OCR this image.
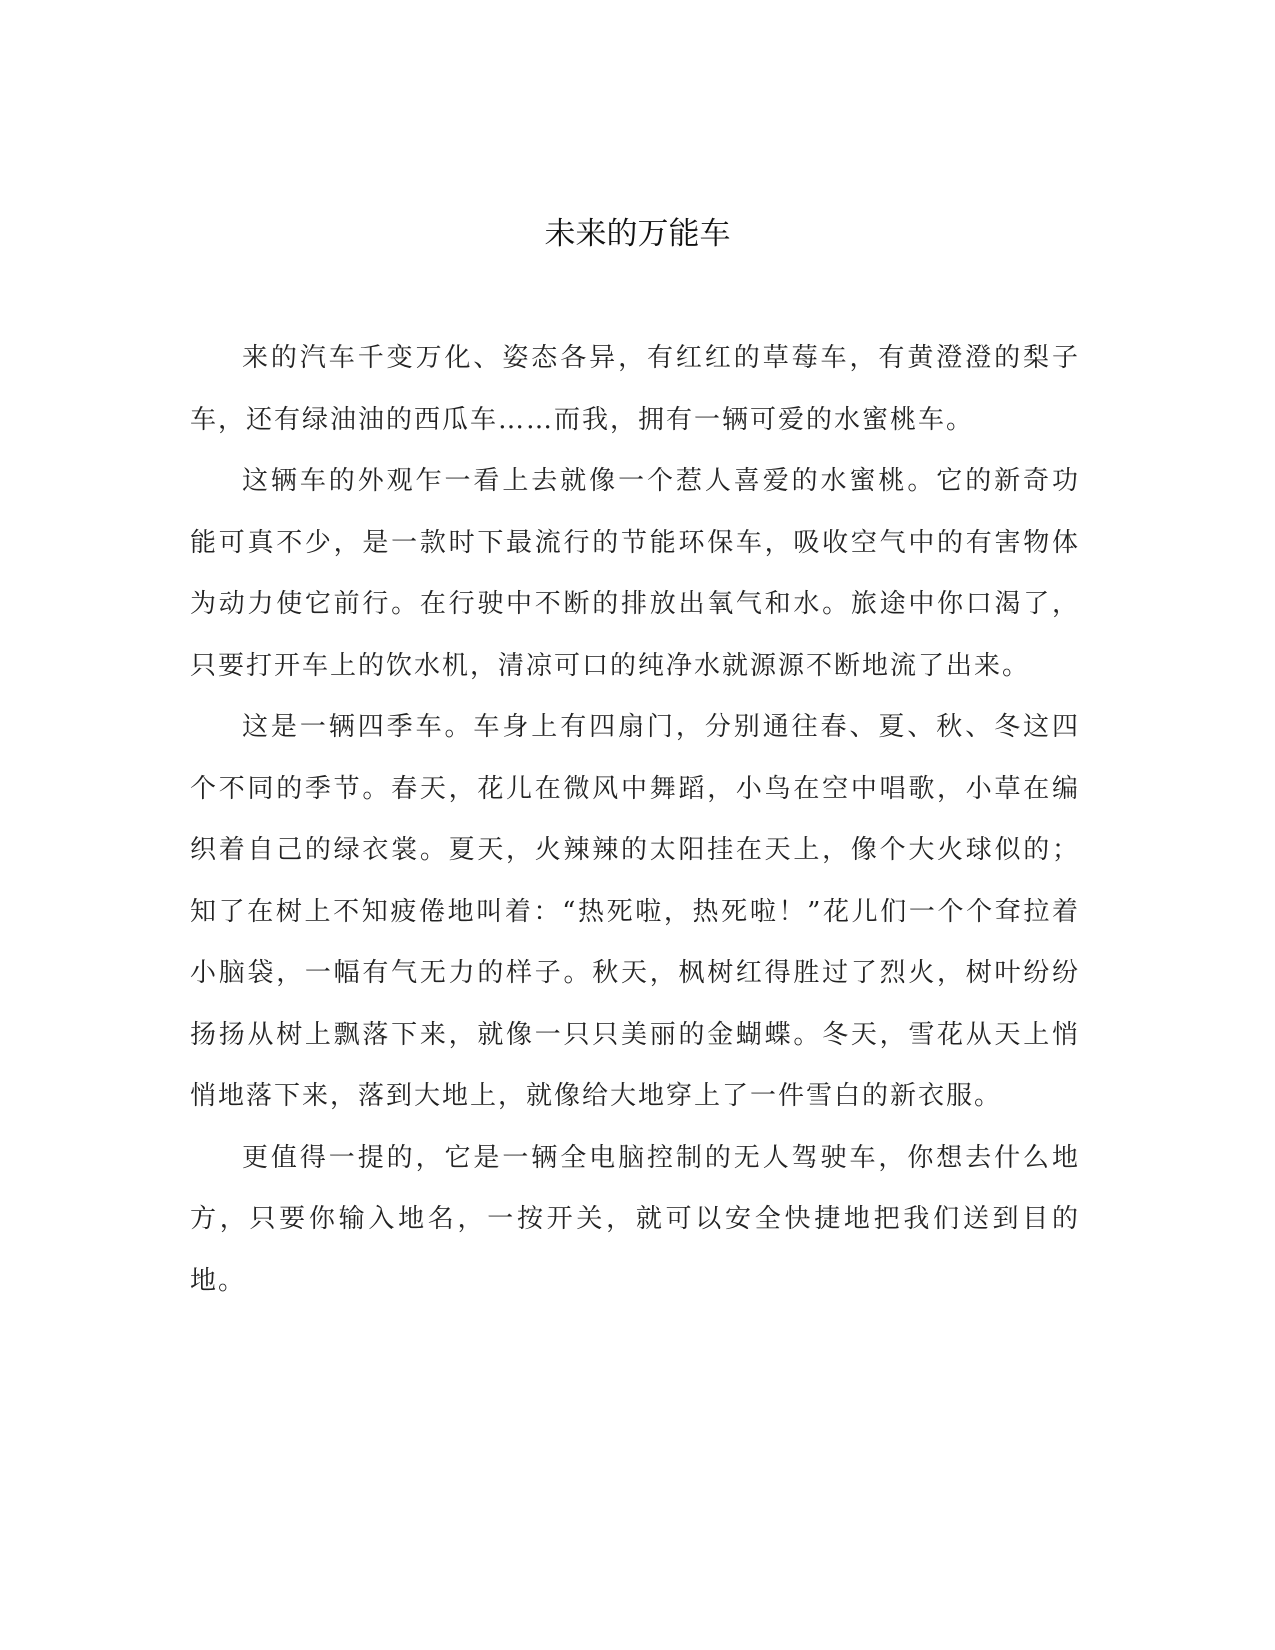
未来的万能车

来的汽车千变万化、姿态各异，有红红的草莓车，有黄澄澄的梨子车，还有绿油油的西瓜车……而我，拥有一辆可爱的水蜜桃车。

这辆车的外观乍一看上去就像一个惹人喜爱的水蜜桃。它的新奇功能可真不少，是一款时下最流行的节能环保车，吸收空气中的有害物体为动力使它前行。在行驶中不断的排放出氧气和水。旅途中你口渴了，只要打开车上的饮水机，清凉可口的纯净水就源源不断地流了出来。

这是一辆四季车。车身上有四扇门，分别通往春、夏、秋、冬这四个不同的季节。春天，花儿在微风中舞蹈，小鸟在空中唱歌，小草在编织着自己的绿衣裳。夏天，火辣辣的太阳挂在天上，像个大火球似的；知了在树上不知疲倦地叫着：“热死啦，热死啦！”花儿们一个个耷拉着小脑袋，一幅有气无力的样子。秋天，枫树红得胜过了烈火，树叶纷纷扬扬从树上飘落下来，就像一只只美丽的金蝴蝶。冬天，雪花从天上悄悄地落下来，落到大地上，就像给大地穿上了一件雪白的新衣服。

更值得一提的，它是一辆全电脑控制的无人驾驶车，你想去什么地方，只要你输入地名，一按开关，就可以安全快捷地把我们送到目的地。
